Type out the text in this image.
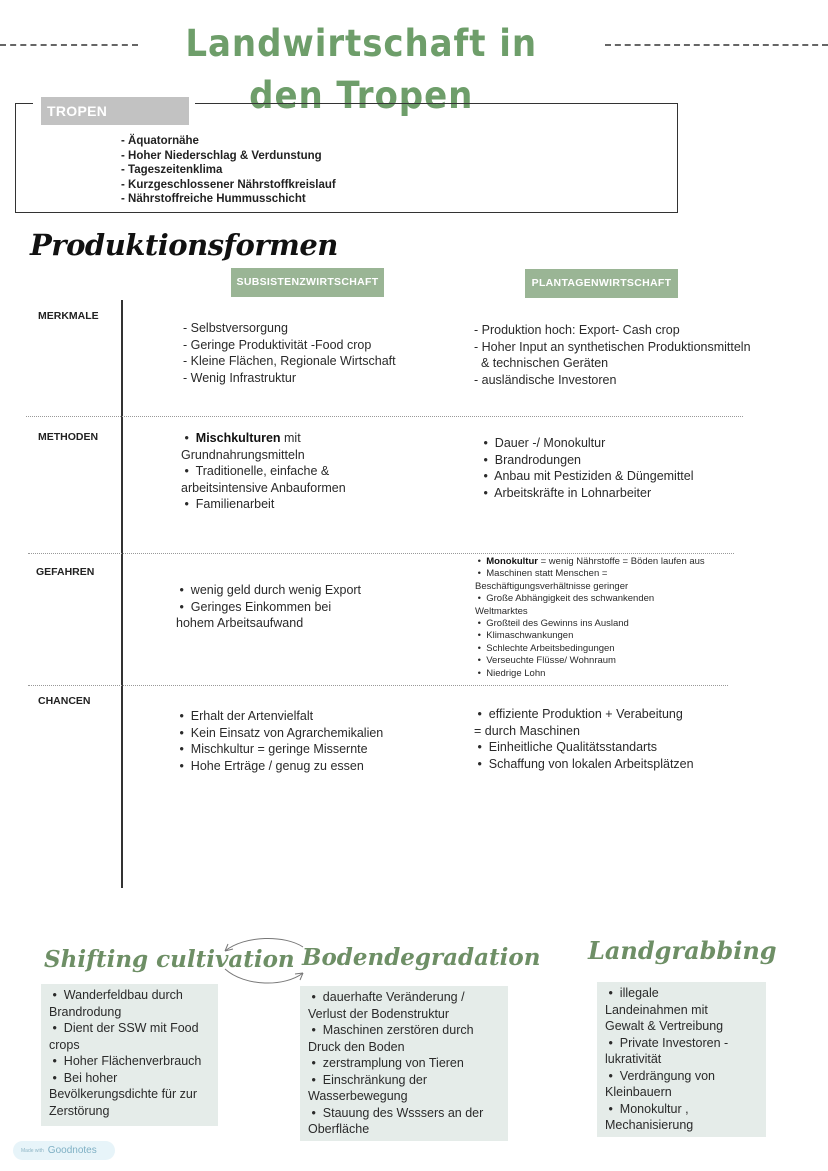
Landwirtschaft in den Tropen
TROPEN MERKMALE
- Äquatornähe
- Hoher Niederschlag & Verdunstung
- Tageszeitenklima
- Kurzgeschlossener Nährstoffkreislauf
- Nährstoffreiche Hummusschicht
Produktionsformen
SUBSISTENZWIRTSCHAFT	PLANTAGENWIRTSCHAFT
MERKMALE
METHODEN
GEFAHREN
CHANCEN
- Selbstversorgung
- Geringe Produktivität -Food crop
- Kleine Flächen, Regionale Wirtschaft
- Wenig Infrastruktur
- Produktion hoch: Export- Cash crop
- Hoher Input an synthetischen Produktionsmitteln
& technischen Geräten
- ausländische Investoren
•  Mischkulturen mit
Grundnahrungsmitteln
•  Traditionelle, einfache &
arbeitsintensive Anbauformen
•  Familienarbeit
•  Dauer -/ Monokultur
•  Brandrodungen
•  Anbau mit Pestiziden & Düngemittel
•  Arbeitskräfte in Lohnarbeiter
•  wenig geld durch wenig Export
•  Geringes Einkommen bei
hohem Arbeitsaufwand
•  Monokultur = wenig Nährstoffe = Böden laufen aus
•  Maschinen statt Menschen =
Beschäftigungsverhältnisse geringer
•  Große Abhängigkeit des schwankenden
Weltmarktes
•  Großteil des Gewinns ins Ausland
•  Klimaschwankungen
•  Schlechte Arbeitsbedingungen
•  Verseuchte Flüsse/ Wohnraum
•  Niedrige Lohn
•  Erhalt der Artenvielfalt
•  Kein Einsatz von Agrarchemikalien
•  Mischkultur = geringe Missernte
•  Hohe Erträge / genug zu essen
•  effiziente Produktion + Verabeitung
= durch Maschinen
•  Einheitliche Qualitätsstandarts
•  Schaffung von lokalen Arbeitsplätzen
Shifting cultivation Bodendegradation Landgrabbing
•  Wanderfeldbau durch
Brandrodung
•  Dient der SSW mit Food
crops
•  Hoher Flächenverbrauch
•  Bei hoher
Bevölkerungsdichte für zur
Zerstörung
•  dauerhafte Veränderung /
Verlust der Bodenstruktur
•  Maschinen zerstören durch
Druck den Boden
•  zerstramplung von Tieren
•  Einschränkung der
Wasserbewegung
•  Stauung des Wsssers an der
Oberfläche
•  illegale
Landeinahmen mit
Gewalt & Vertreibung
•  Private Investoren -
lukrativität
•  Verdrängung von
Kleinbauern
•  Monokultur ,
Mechanisierung
Made with Goodnotes
